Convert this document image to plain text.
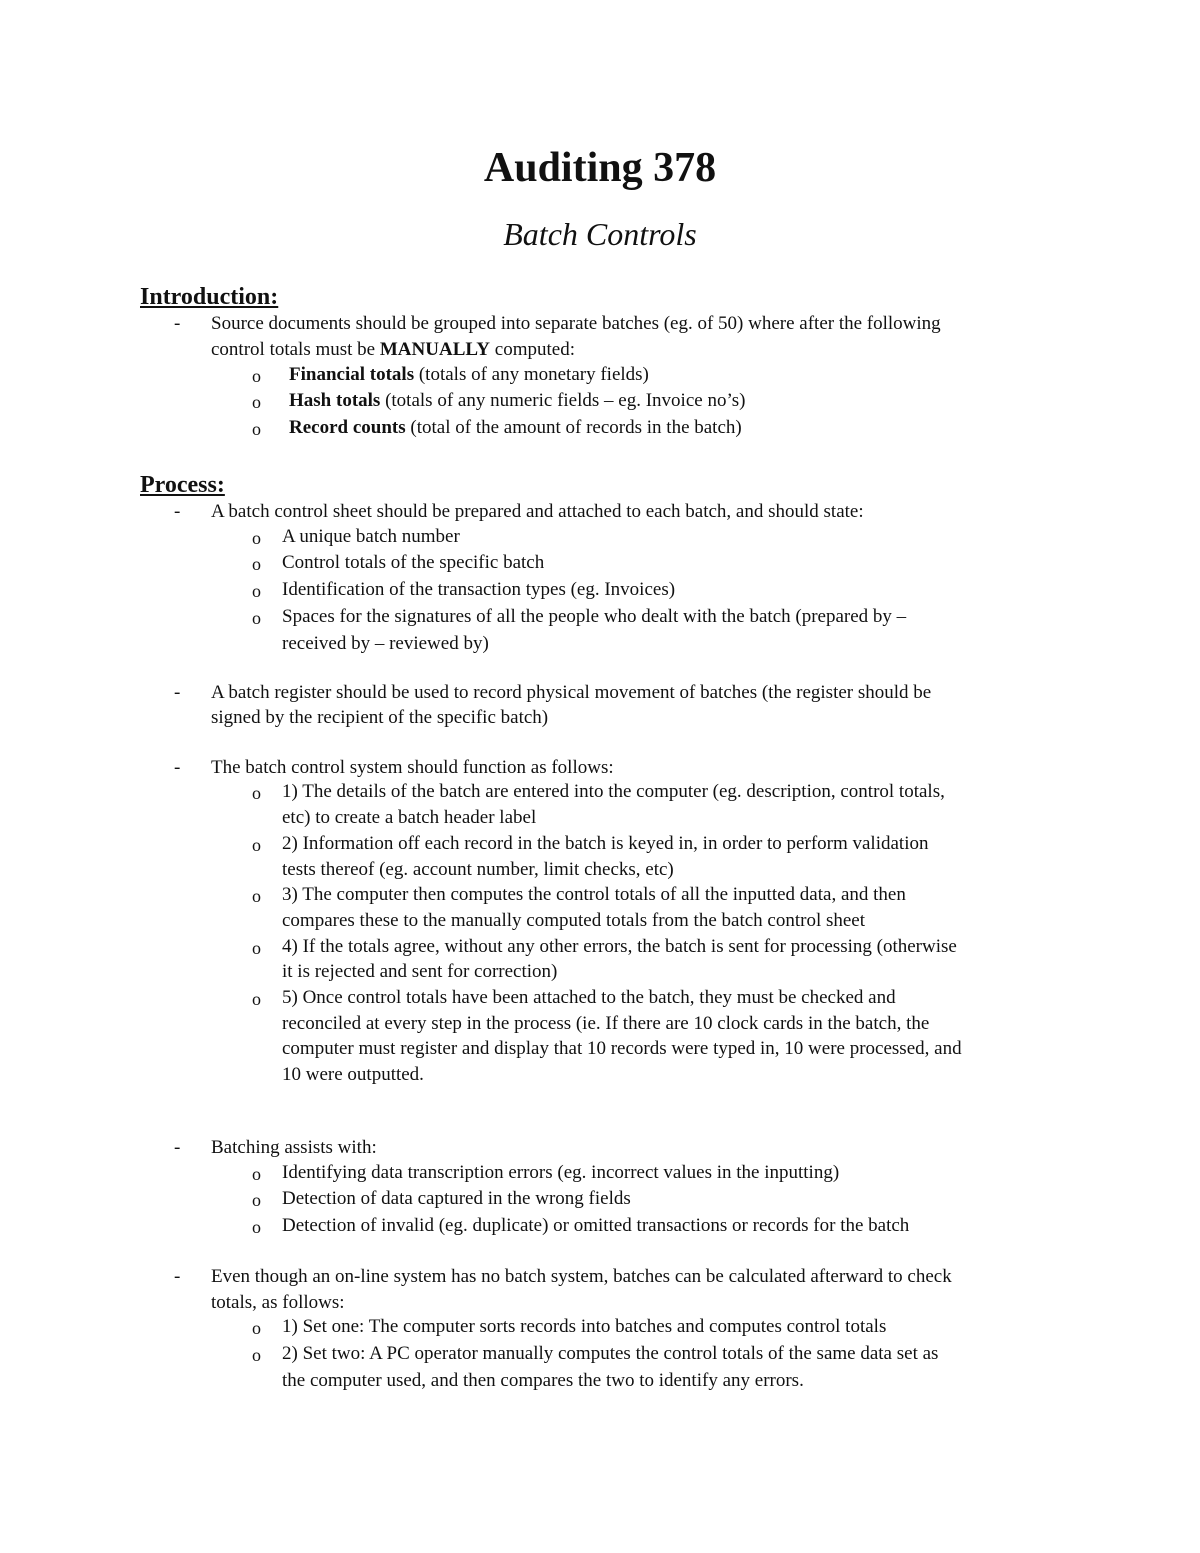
Auditing 378
Batch Controls
Introduction:
- Source documents should be grouped into separate batches (eg. of 50) where after the following
control totals must be MANUALLY computed:
o Financial totals (totals of any monetary fields)
o Hash totals (totals of any numeric fields – eg. Invoice no’s)
o Record counts (total of the amount of records in the batch)
Process:
- A batch control sheet should be prepared and attached to each batch, and should state:
o A unique batch number
o Control totals of the specific batch
o Identification of the transaction types (eg. Invoices)
o Spaces for the signatures of all the people who dealt with the batch (prepared by –
received by – reviewed by)
- A batch register should be used to record physical movement of batches (the register should be
signed by the recipient of the specific batch)
- The batch control system should function as follows:
o 1) The details of the batch are entered into the computer (eg. description, control totals,
etc) to create a batch header label
o 2) Information off each record in the batch is keyed in, in order to perform validation
tests thereof (eg. account number, limit checks, etc)
o 3) The computer then computes the control totals of all the inputted data, and then
compares these to the manually computed totals from the batch control sheet
o 4) If the totals agree, without any other errors, the batch is sent for processing (otherwise
it is rejected and sent for correction)
o 5) Once control totals have been attached to the batch, they must be checked and
reconciled at every step in the process (ie. If there are 10 clock cards in the batch, the
computer must register and display that 10 records were typed in, 10 were processed, and
10 were outputted.
- Batching assists with:
o Identifying data transcription errors (eg. incorrect values in the inputting)
o Detection of data captured in the wrong fields
o Detection of invalid (eg. duplicate) or omitted transactions or records for the batch
- Even though an on-line system has no batch system, batches can be calculated afterward to check
totals, as follows:
o 1) Set one: The computer sorts records into batches and computes control totals
o 2) Set two: A PC operator manually computes the control totals of the same data set as
the computer used, and then compares the two to identify any errors.
